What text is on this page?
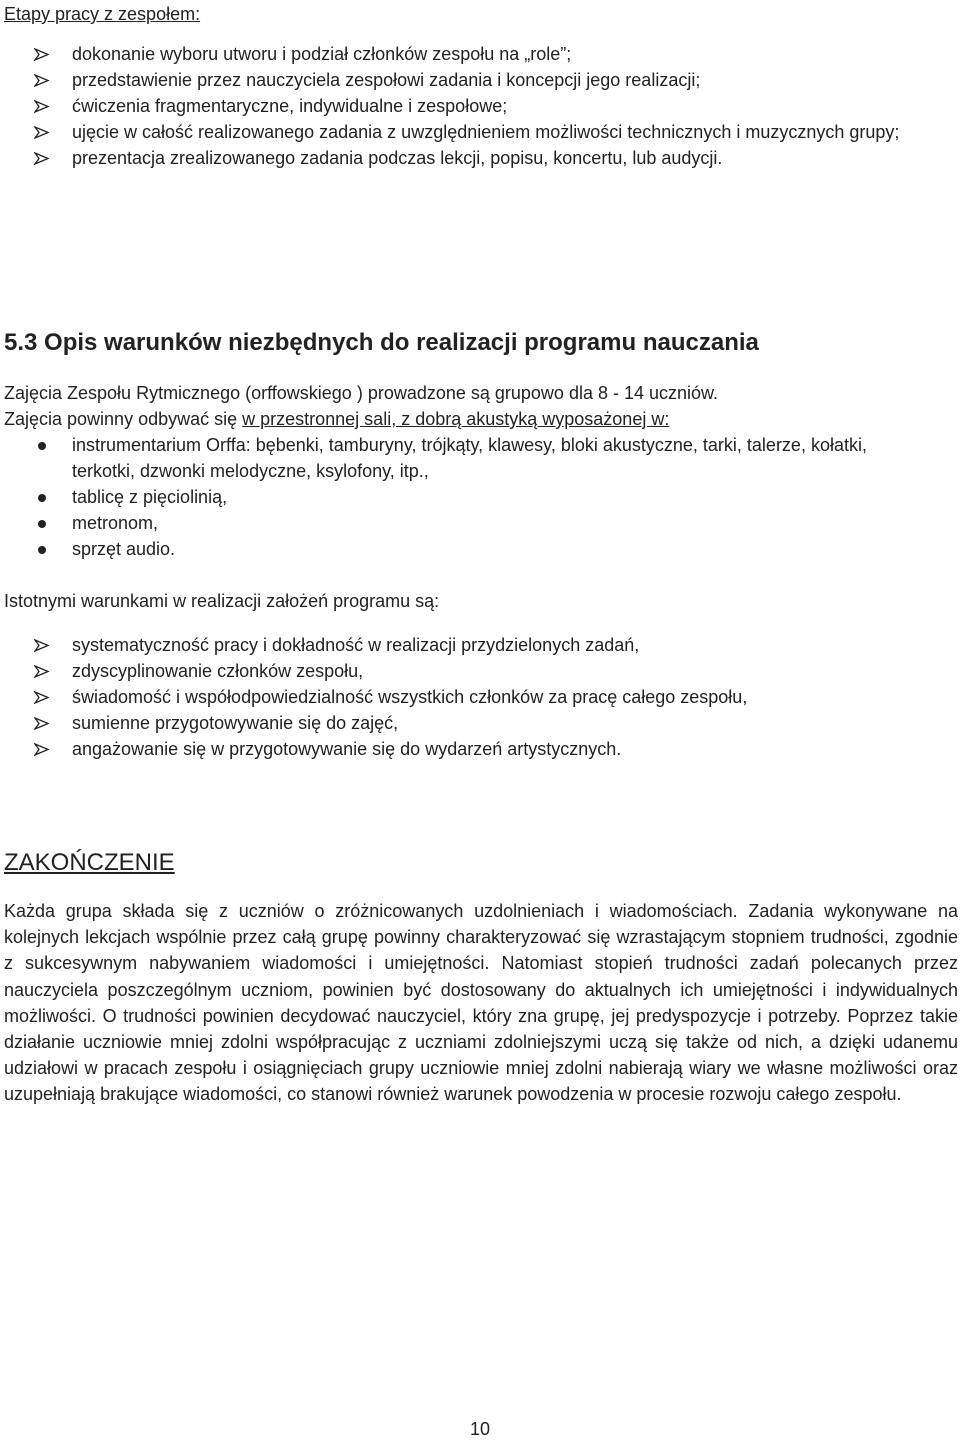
Etapy pracy z zespołem:
dokonanie wyboru utworu i podział członków zespołu na „role”;
przedstawienie przez nauczyciela zespołowi zadania i koncepcji jego realizacji;
ćwiczenia fragmentaryczne, indywidualne i zespołowe;
ujęcie w całość realizowanego zadania z uwzględnieniem możliwości technicznych i muzycznych grupy;
prezentacja zrealizowanego zadania podczas lekcji, popisu, koncertu, lub audycji.
5.3 Opis warunków niezbędnych do realizacji programu nauczania

Zajęcia Zespołu Rytmicznego (orffowskiego ) prowadzone są grupowo dla 8 - 14 uczniów.

Zajęcia powinny odbywać się w przestronnej sali, z dobrą akustyką wyposażonej w:

instrumentarium Orffa: bębenki, tamburyny, trójkąty, klawesy, bloki akustyczne, tarki, talerze, kołatki, terkotki, dzwonki melodyczne, ksylofony, itp.,
tablicę z pięciolinią,
metronom,
sprzęt audio.

Istotnymi warunkami w realizacji założeń programu są:

systematyczność pracy i dokładność w realizacji przydzielonych zadań,
zdyscyplinowanie członków zespołu,
świadomość i współodpowiedzialność wszystkich członków za pracę całego zespołu,
sumienne przygotowywanie się do zajęć,
angażowanie się w przygotowywanie się do wydarzeń artystycznych.
ZAKOŃCZENIE

Każda grupa składa się z uczniów o zróżnicowanych uzdolnieniach i wiadomościach. Zadania wykonywane na kolejnych lekcjach wspólnie przez całą grupę powinny charakteryzować się wzrastającym stopniem trudności, zgodnie z sukcesywnym nabywaniem wiadomości i umiejętności. Natomiast stopień trudności zadań polecanych przez nauczyciela poszczególnym uczniom, powinien być dostosowany do aktualnych ich umiejętności i indywidualnych możliwości. O trudności powinien decydować nauczyciel, który zna grupę, jej predyspozycje i potrzeby. Poprzez takie działanie uczniowie mniej zdolni współpracując z uczniami zdolniejszymi uczą się także od nich, a dzięki udanemu udziałowi w pracach zespołu i osiągnięciach grupy uczniowie mniej zdolni nabierają wiary we własne możliwości oraz uzupełniają brakujące wiadomości, co stanowi również warunek powodzenia w procesie rozwoju całego zespołu.

10
